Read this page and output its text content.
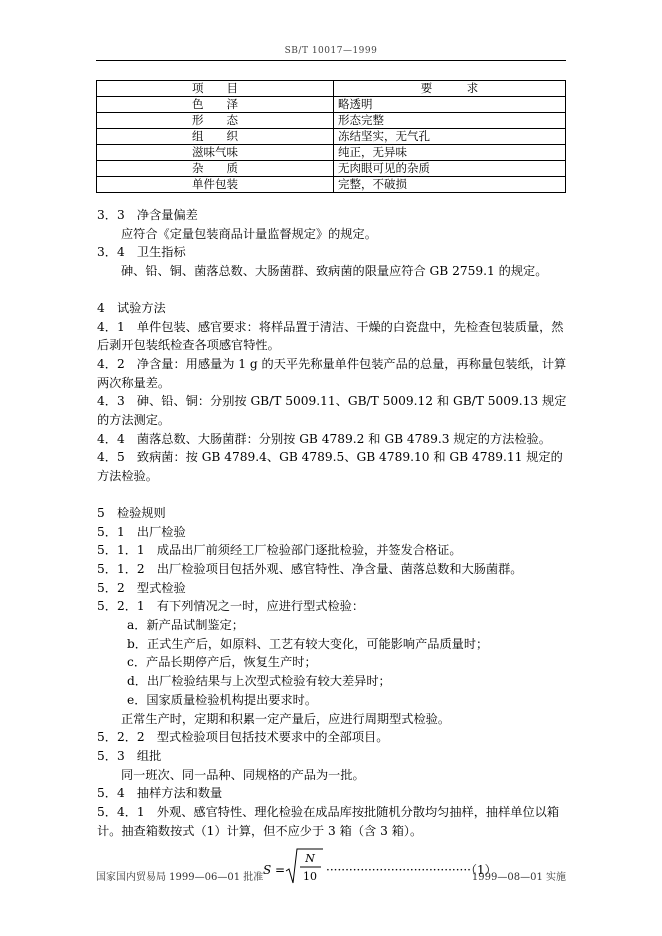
SB/T 10017—1999
项　　目	要　　　求
色　　泽	略透明
形　　态	形态完整
组　　织	冻结坚实，无气孔
滋味气味	纯正，无异味
杂　　质	无肉眼可见的杂质
单件包装	完整，不破损

3．3　净含量偏差

应符合《定量包装商品计量监督规定》的规定。

3．4　卫生指标

砷、铅、铜、菌落总数、大肠菌群、致病菌的限量应符合 GB 2759.1 的规定。

4　试验方法

4．1　单件包装、感官要求：将样品置于清洁、干燥的白瓷盘中，先检查包装质量，然后剥开包装纸检查各项感官特性。

4．2　净含量：用感量为 1 g 的天平先称量单件包装产品的总量，再称量包装纸，计算两次称量差。

4．3　砷、铅、铜：分别按 GB/T 5009.11、GB/T 5009.12 和 GB/T 5009.13 规定的方法测定。

4．4　菌落总数、大肠菌群：分别按 GB 4789.2 和 GB 4789.3 规定的方法检验。

4．5　致病菌：按 GB 4789.4、GB 4789.5、GB 4789.10 和 GB 4789.11 规定的方法检验。

5　检验规则

5．1　出厂检验

5．1．1　成品出厂前须经工厂检验部门逐批检验，并签发合格证。

5．1．2　出厂检验项目包括外观、感官特性、净含量、菌落总数和大肠菌群。

5．2　型式检验

5．2．1　有下列情况之一时，应进行型式检验：

a．新产品试制鉴定；

b．正式生产后，如原料、工艺有较大变化，可能影响产品质量时；

c．产品长期停产后，恢复生产时；

d．出厂检验结果与上次型式检验有较大差异时；

e．国家质量检验机构提出要求时。

正常生产时，定期和积累一定产量后，应进行周期型式检验。

5．2．2　型式检验项目包括技术要求中的全部项目。

5．3　组批

同一班次、同一品种、同规格的产品为一批。

5．4　抽样方法和数量

5．4．1　外观、感官特性、理化检验在成品库按批随机分散均匀抽样，抽样单位以箱计。抽查箱数按式（1）计算，但不应少于 3 箱（含 3 箱）。

S =
N
10 ······································（1）
国家国内贸易局 1999—06—01 批准	1999—08—01 实施
